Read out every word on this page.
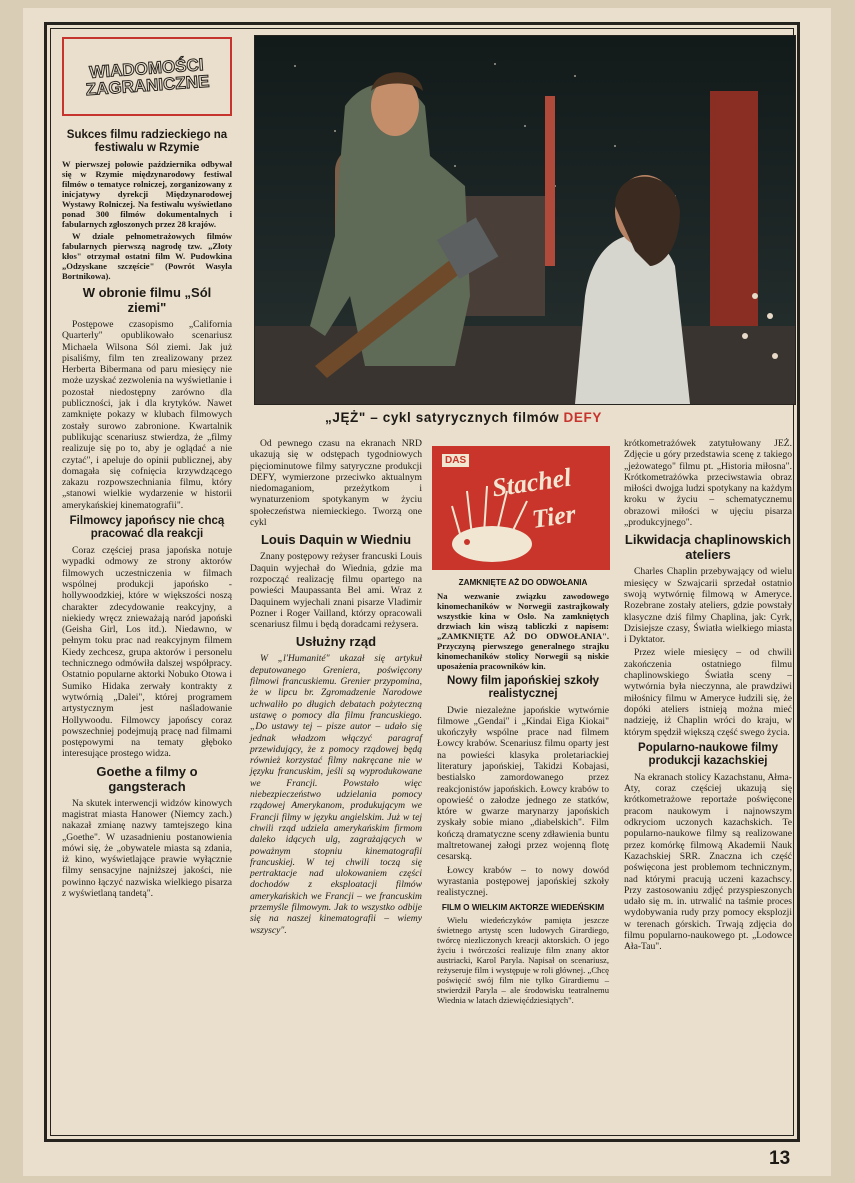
WIADOMOŚCI ZAGRANICZNE
„JĘŻ" – cykl satyrycznych filmów DEFY
DAS
Stachel
Tier
Sukces filmu radzieckiego na festiwalu w Rzymie

W pierwszej połowie październikа odbywał się w Rzymie międzynarodowy festiwal filmów o tematyce rolniczej, zorganizowany z inicjatywy dyrekcji Międzynarodowej Wystawy Rolniczej. Na festiwalu wyświetlano ponad 300 filmów dokumentalnych i fabularnych zgłoszonych przez 28 krajów.

W dziale pełnometrażowych filmów fabularnych pierwszą nagrodę tzw. „Złoty kłos" otrzymał ostatni film W. Pudowkina „Odzyskane szczęście" (Powrót Wasyla Bortnikowa).

W obronie filmu „Sól ziemi"

Postępowe czasopismo „California Quarterly" opublikowało scenariusz Michaela Wilsona Sól ziemi. Jak już pisaliśmy, film ten zrealizowany przez Herberta Bibermana od paru miesięcy nie może uzyskać zezwolenia na wyświetlanie i pozostał niedostępny zarówno dla publiczności, jak i dla krytyków. Nawet zamknięte pokazy w klubach filmowych zostały surowo zabronione. Kwartalnik publikując scenariusz stwierdza, że „filmy realizuje się po to, aby je oglądać a nie czytać", i apeluje do opinii publicznej, aby domagała się cofnięcia krzywdzącego zakazu rozpowszechniania filmu, który „stanowi wielkie wydarzenie w historii amerykańskiej kinematografii".

Filmowcy japońscy nie chcą pracować dla reakcji

Coraz częściej prasa japońska notuje wypadki odmowy ze strony aktorów filmowych uczestniczenia w filmach wspólnej produkcji japońsko - hollywoodzkiej, które w większości noszą charakter zdecydowanie reakcyjny, a niekiedy wręcz znieważają naród japoński (Geisha Girl, Los itd.). Niedawno, w pełnym toku prac nad reakcyjnym filmem Kiedy zechcesz, grupa aktorów i personelu technicznego odmówiła dalszej współpracy. Ostatnio popularne aktorki Nobuko Otowa i Sumiko Hidaka zerwały kontrakty z wytwórnią „Dalei", której programem artystycznym jest naśladowanie Hollywoodu. Filmowcy japońscy coraz powszechniej podejmują pracę nad filmami postępowymi na tematy głęboko interesujące prostego widza.

Goethe a filmy o gangsterach

Na skutek interwencji widzów kinowych magistrat miasta Hanower (Niemcy zach.) nakazał zmianę nazwy tamtejszego kina „Goethe". W uzasadnieniu postanowienia mówi się, że „obywatele miasta są zdania, iż kino, wyświetlające prawie wyłącznie filmy sensacyjne najniższej jakości, nie powinno łączyć nazwiska wielkiego pisarza z wyświetlaną tandetą".

Od pewnego czasu na ekranach NRD ukazują się w odstępach tygodniowych pięciominutowe filmy satyryczne produkcji DEFY, wymierzone przeciwko aktualnym niedomaganiom, przeżytkom i wynaturzeniom spotykanym w życiu społeczeństwa niemieckiego. Tworzą one cykl

Louis Daquin w Wiedniu

Znany postępowy reżyser francuski Louis Daquin wyjechał do Wiednia, gdzie ma rozpocząć realizację filmu opartego na powieści Maupassanta Bel ami. Wraz z Daquinem wyjechali znani pisarze Vladimir Pozner i Roger Vailland, którzy opracowali scenariusz filmu i będą doradcami reżysera.

Usłużny rząd

W „l'Humanité" ukazał się artykuł deputowanego Greniera, poświęcony filmowi francuskiemu. Grenier przypomina, że w lipcu br. Zgromadzenie Narodowe uchwaliło po długich debatach pożyteczną ustawę o pomocy dla filmu francuskiego. „Do ustawy tej – pisze autor – udało się jednak władzom włączyć paragraf przewidujący, że z pomocy rządowej będą również korzystać filmy nakręcane nie w języku francuskim, jeśli są wyprodukowane we Francji. Powstało więc niebezpieczeństwo udzielania pomocy rządowej Amerykanom, produkującym we Francji filmy w języku angielskim. Już w tej chwili rząd udziela amerykańskim firmom daleko idących ulg, zagrażających w poważnym stopniu kinematografii francuskiej. W tej chwili toczą się pertraktacje nad ulokowaniem części dochodów z eksploatacji filmów amerykańskich we Francji – we francuskim przemyśle filmowym. Jak to wszystko odbije się na naszej kinematografii – wiemy wszyscy".

ZAMKNIĘTE AŻ DO ODWOŁANIA

Na wezwanie związku zawodowego kinomechaników w Norwegii zastrajkowały wszystkie kina w Oslo. Na zamkniętych drzwiach kin wiszą tabliczki z napisem: „ZAMKNIĘTE AŻ DO ODWOŁANIA". Przyczyną pierwszego generalnego strajku kinomechaników stolicy Norwegii są niskie uposażenia pracowników kin.

Nowy film japońskiej szkoły realistycznej

Dwie niezależne japońskie wytwórnie filmowe „Gendai" i „Kindai Eiga Kiokai" ukończyły wspólne prace nad filmem Łowcy krabów. Scenariusz filmu oparty jest na powieści klasyka proletariackiej literatury japońskiej, Takidzi Kobajasi, bestialsko zamordowanego przez reakcjonistów japońskich. Łowcy krabów to opowieść o załodze jednego ze statków, które w gwarze marynarzy japońskich zyskały sobie miano „diabelskich". Film kończą dramatyczne sceny zdławienia buntu maltretowanej załogi przez wojenną flotę cesarską.

Łowcy krabów – to nowy dowód wyrastania postępowej japońskiej szkoły realistycznej.

FILM O WIELKIM AKTORZE WIEDEŃSKIM

Wielu wiedeńczyków pamięta jeszcze świetnego artystę scen ludowych Girardiego, twórcę niezliczonych kreacji aktorskich. O jego życiu i twórczości realizuje film znany aktor austriacki, Karol Paryla. Napisał on scenariusz, reżyseruje film i występuje w roli głównej. „Chcę poświęcić swój film nie tylko Girardiemu – stwierdził Paryla – ale środowisku teatralnemu Wiednia w latach dziewięćdziesiątych".

krótkometrażówek zatytułowany JEŻ. Zdjęcie u góry przedstawia scenę z takiego „jeżowatego" filmu pt. „Historia miłosna". Krótkometrażówka przeciwstawia obraz miłości dwojga ludzi spotykany na każdym kroku w życiu – schematycznemu obrazowi miłości w ujęciu pisarza „produkcyjnego".

Likwidacja chaplinowskich ateliers

Charles Chaplin przebywający od wielu miesięcy w Szwajcarii sprzedał ostatnio swoją wytwórnię filmową w Ameryce. Rozebrane zostały ateliers, gdzie powstały klasyczne dziś filmy Chaplina, jak: Cyrk, Dzisiejsze czasy, Światła wielkiego miasta i Dyktator.

Przez wiele miesięcy – od chwili zakończenia ostatniego filmu chaplinowskiego Światła sceny – wytwórnia była nieczynna, ale prawdziwi miłośnicy filmu w Ameryce łudzili się, że dopóki ateliers istnieją można mieć nadzieję, iż Chaplin wróci do kraju, w którym spędził większą część swego życia.

Popularno-naukowe filmy produkcji kazachskiej

Na ekranach stolicy Kazachstanu, Ałma-Aty, coraz częściej ukazują się krótkometrażowe reportaże poświęcone pracom naukowym i najnowszym odkryciom uczonych kazachskich. Te popularno-naukowe filmy są realizowane przez komórkę filmową Akademii Nauk Kazachskiej SRR. Znaczna ich część poświęcona jest problemom technicznym, nad którymi pracują uczeni kazachscy. Przy zastosowaniu zdjęć przyspieszonych udało się m. in. utrwalić na taśmie proces wydobywania rudy przy pomocy eksplozji w terenach górskich. Trwają zdjęcia do filmu popularno-naukowego pt. „Lodowce Ała-Tau".

13
